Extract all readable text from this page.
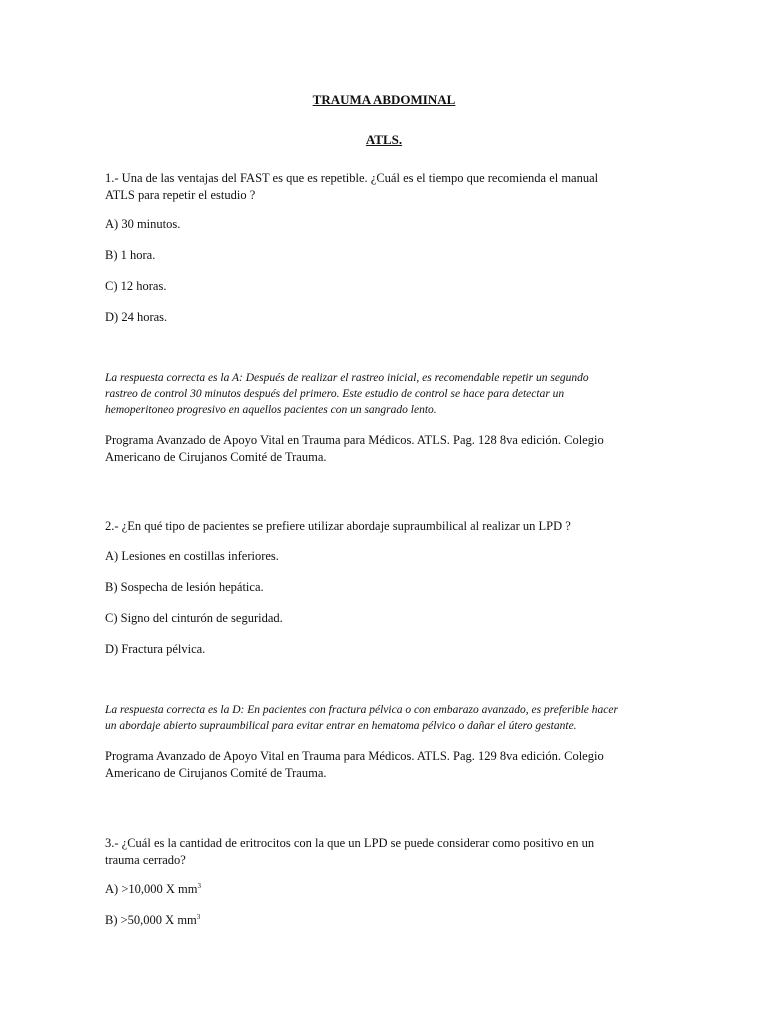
TRAUMA ABDOMINAL

ATLS.

1.- Una de las ventajas del FAST es que es repetible. ¿Cuál es el tiempo que recomienda el manual

ATLS para repetir el estudio ?

A) 30 minutos.

B) 1 hora.

C) 12 horas.

D) 24 horas.

La respuesta correcta es la A: Después de realizar el rastreo inicial, es recomendable repetir un segundo

rastreo de control 30 minutos después del primero. Este estudio de control se hace para detectar un

hemoperitoneo progresivo en aquellos pacientes con un sangrado lento.

Programa Avanzado de Apoyo Vital en Trauma para Médicos. ATLS. Pag. 128 8va edición. Colegio

Americano de Cirujanos Comité de Trauma.

2.- ¿En qué tipo de pacientes se prefiere utilizar abordaje supraumbilical al realizar un LPD ?

A) Lesiones en costillas inferiores.

B) Sospecha de lesión hepática.

C) Signo del cinturón de seguridad.

D) Fractura pélvica.

La respuesta correcta es la D: En pacientes con fractura pélvica o con embarazo avanzado, es preferible hacer

un abordaje abierto supraumbilical para evitar entrar en hematoma pélvico o dañar el útero gestante.

Programa Avanzado de Apoyo Vital en Trauma para Médicos. ATLS. Pag. 129 8va edición. Colegio

Americano de Cirujanos Comité de Trauma.

3.- ¿Cuál es la cantidad de eritrocitos con la que un LPD se puede considerar como positivo en un

trauma cerrado?

A) >10,000 X $mm^3$

B) >50,000 X $mm^3$
